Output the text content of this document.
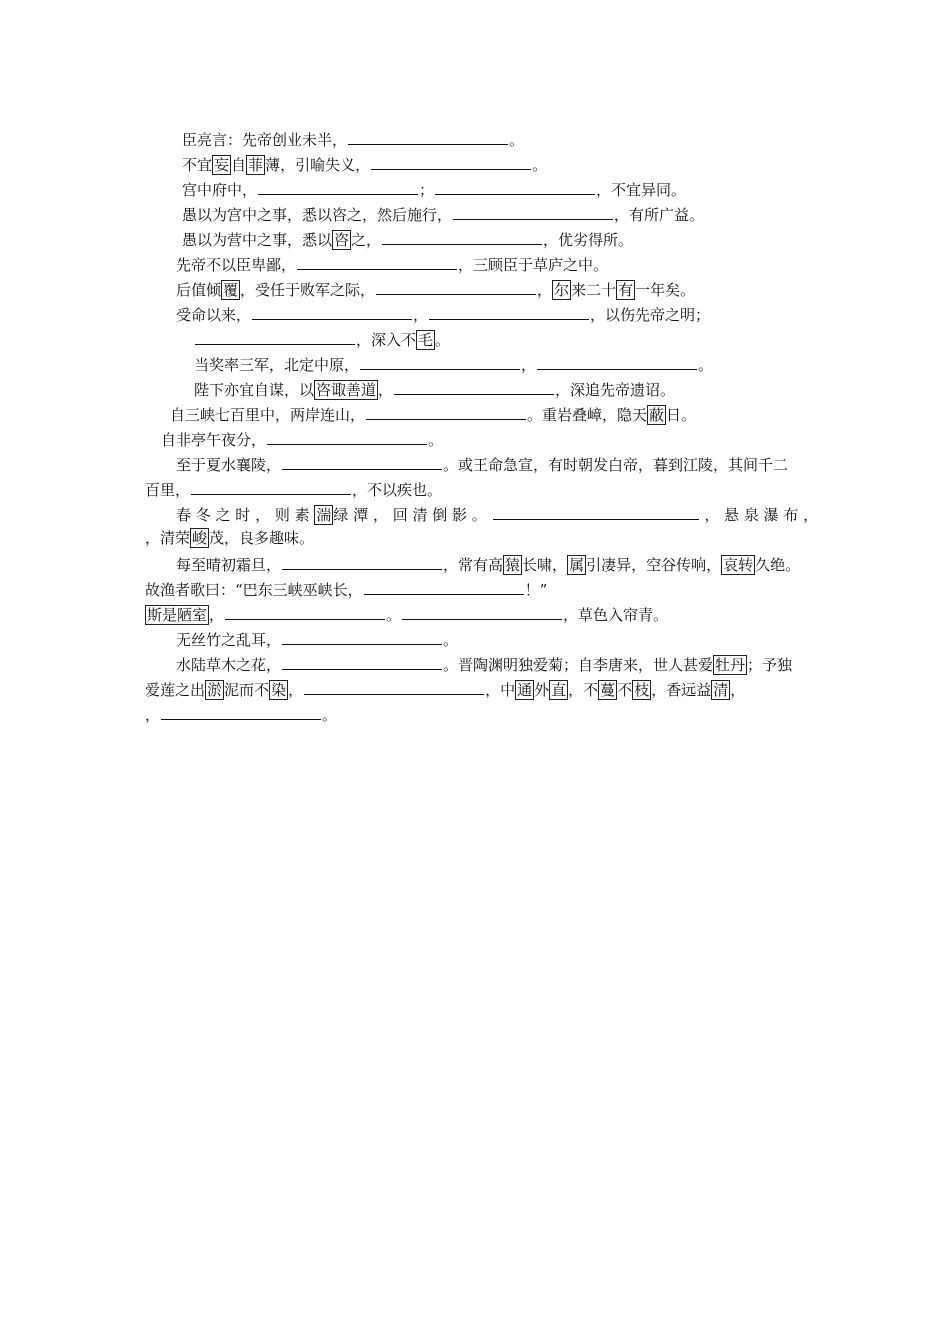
臣亮言：先帝创业未半，	。
不宜 妄 自 菲 薄，引喻失义，	。
宫中府中，	；	，不宜异同。
愚以为宫中之事，悉以咨之，然后施行，	，有所广益。
愚以为营中之事，悉以 咨 之，	，优劣得所。
先帝不以臣卑鄙，	，三顾臣于草庐之中。
后值倾 覆 ，受任于败军之际，	， 尔 来二十 有 一年矣。
受命以来，	，	，以伤先帝之明；
，深入不 毛 。
当奖率三军，北定中原，	，	。
陛下亦宜自谋，以 咨诹善道 ，	，深追先帝遗诏。
自三峡七百里中，两岸连山，	。重岩叠嶂，隐天 蔽 日。
自非亭午夜分，	。
至于夏水襄陵，	。或王命急宣，有时朝发白帝，暮到江陵，其间千二
百里，	，不以疾也。
春 冬 之 时 ， 则 素 湍 绿 潭 ， 回 清 倒 影 。	， 悬 泉 瀑 布 ，
，清荣 峻 茂，良多趣味。
每至晴初霜旦，	，常有高 猿 长啸， 属 引凄异，空谷传响， 哀转 久绝。
故渔者歌曰：“巴东三峡巫峡长，	！”
斯是陋室 ，	。	，草色入帘青。
无丝竹之乱耳，	。
水陆草木之花，	。晋陶渊明独爱菊；自李唐来，世人甚爱 牡丹 ；予独
爱莲之出 淤 泥而不 染 ，	，中 通 外 直 ，不 蔓 不 枝 ，香远益 清 ，
，	。
